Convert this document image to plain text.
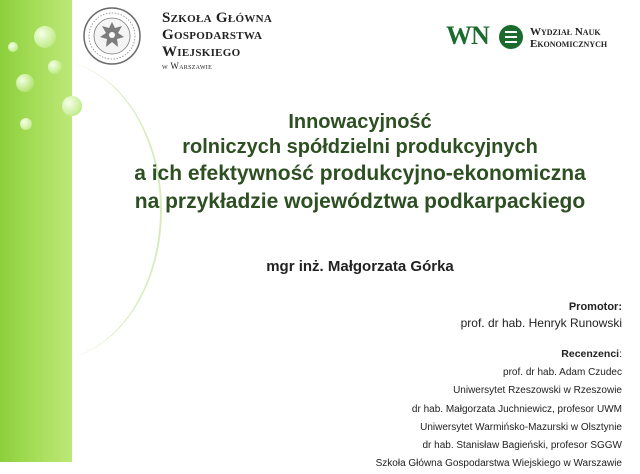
Szkoła Główna
Gospodarstwa
Wiejskiego
w Warszawie
WN	Wydział Nauk
Ekonomicznych
Innowacyjność
rolniczych spółdzielni produkcyjnych
a ich efektywność produkcyjno-ekonomiczna
na przykładzie województwa podkarpackiego
mgr inż. Małgorzata Górka
Promotor:
prof. dr hab. Henryk Runowski
Recenzenci:
prof. dr hab. Adam Czudec
Uniwersytet Rzeszowski w Rzeszowie
dr hab. Małgorzata Juchniewicz, profesor UWM
Uniwersytet Warmińsko-Mazurski w Olsztynie
dr hab. Stanisław Bagieński, profesor SGGW
Szkoła Główna Gospodarstwa Wiejskiego w Warszawie
